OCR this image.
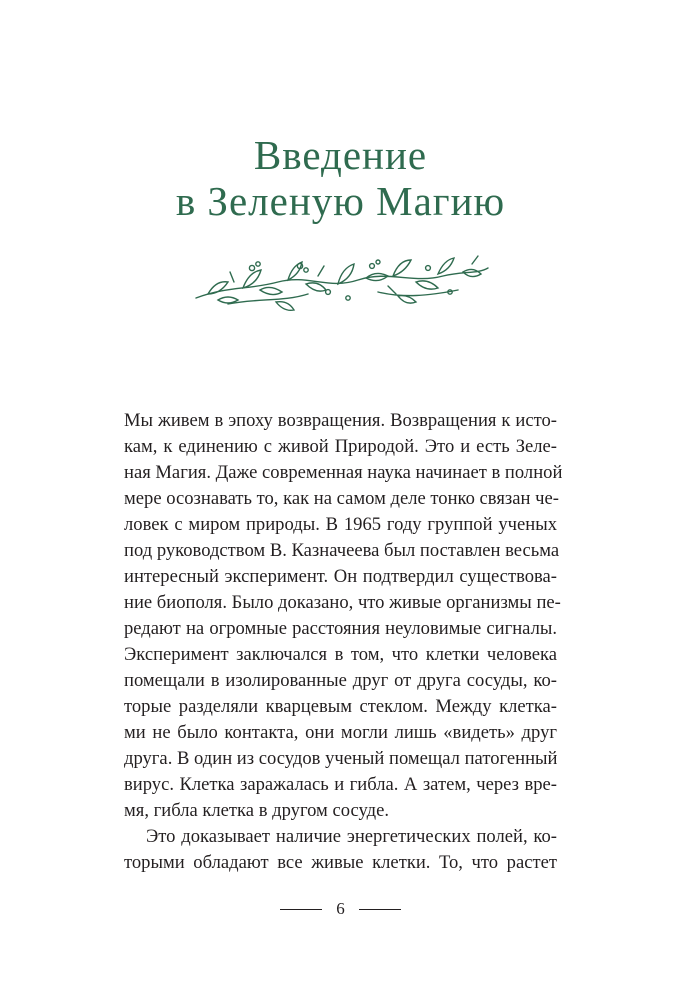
Введение
в Зеленую Магию
Мы живем в эпоху возвращения. Возвращения к исто-
кам, к единению с живой Природой. Это и есть Зеле-
ная Магия. Даже современная наука начинает в полной
мере осознавать то, как на самом деле тонко связан че-
ловек с миром природы. В 1965 году группой ученых
под руководством В. Казначеева был поставлен весьма
интересный эксперимент. Он подтвердил существова-
ние биополя. Было доказано, что живые организмы пе-
редают на огромные расстояния неуловимые сигналы.
Эксперимент заключался в том, что клетки человека
помещали в изолированные друг от друга сосуды, ко-
торые разделяли кварцевым стеклом. Между клетка-
ми не было контакта, они могли лишь «видеть» друг
друга. В один из сосудов ученый помещал патогенный
вирус. Клетка заражалась и гибла. А затем, через вре-
мя, гибла клетка в другом сосуде.
Это доказывает наличие энергетических полей, ко-
торыми обладают все живые клетки. То, что растет
6
